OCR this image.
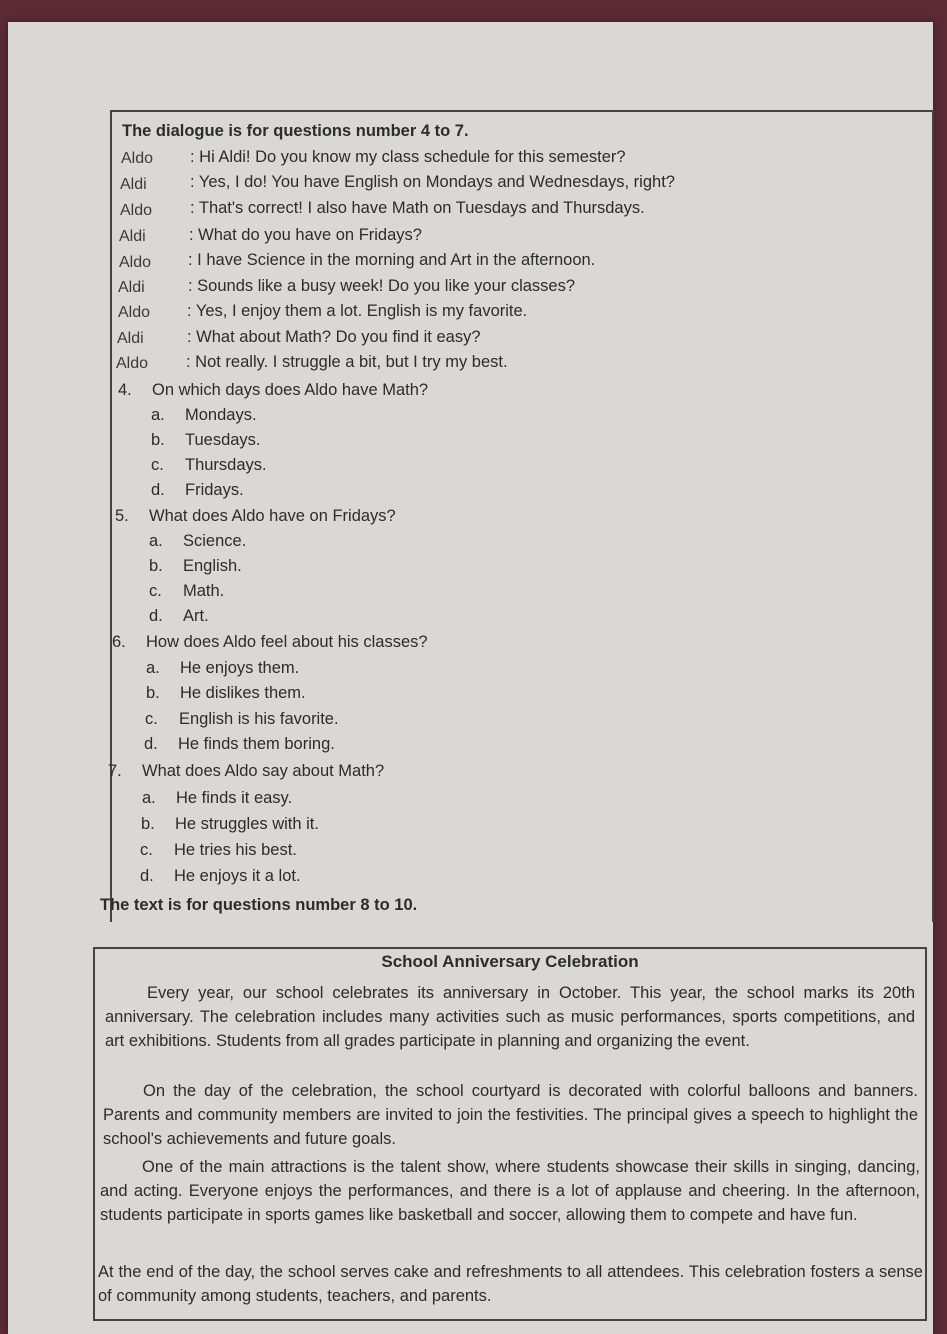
The dialogue is for questions number 4 to 7.
Aldo : Hi Aldi! Do you know my class schedule for this semester?
Aldi	: Yes, I do! You have English on Mondays and Wednesdays, right?
Aldo : That's correct! I also have Math on Tuesdays and Thursdays.
Aldi	: What do you have on Fridays?
Aldo : I have Science in the morning and Art in the afternoon.
Aldi	: Sounds like a busy week! Do you like your classes?
Aldo : Yes, I enjoy them a lot. English is my favorite.
Aldi	: What about Math? Do you find it easy?
Aldo : Not really. I struggle a bit, but I try my best.
4. On which days does Aldo have Math?
a. Mondays.
b. Tuesdays.
c. Thursdays.
d. Fridays.
5. What does Aldo have on Fridays?
a. Science.
b. English.
c. Math.
d. Art.
6. How does Aldo feel about his classes?
a. He enjoys them.
b. He dislikes them.
c. English is his favorite.
d. He finds them boring.
7. What does Aldo say about Math?
a. He finds it easy.
b. He struggles with it.
c. He tries his best.
d. He enjoys it a lot.
The text is for questions number 8 to 10.
School Anniversary Celebration
Every year, our school celebrates its anniversary in October. This year, the school marks its 20th anniversary. The celebration includes many activities such as music performances, sports competitions, and art exhibitions. Students from all grades participate in planning and organizing the event.
On the day of the celebration, the school courtyard is decorated with colorful balloons and banners. Parents and community members are invited to join the festivities. The principal gives a speech to highlight the school's achievements and future goals.
One of the main attractions is the talent show, where students showcase their skills in singing, dancing, and acting. Everyone enjoys the performances, and there is a lot of applause and cheering. In the afternoon, students participate in sports games like basketball and soccer, allowing them to compete and have fun.
At the end of the day, the school serves cake and refreshments to all attendees. This celebration fosters a sense of community among students, teachers, and parents.
